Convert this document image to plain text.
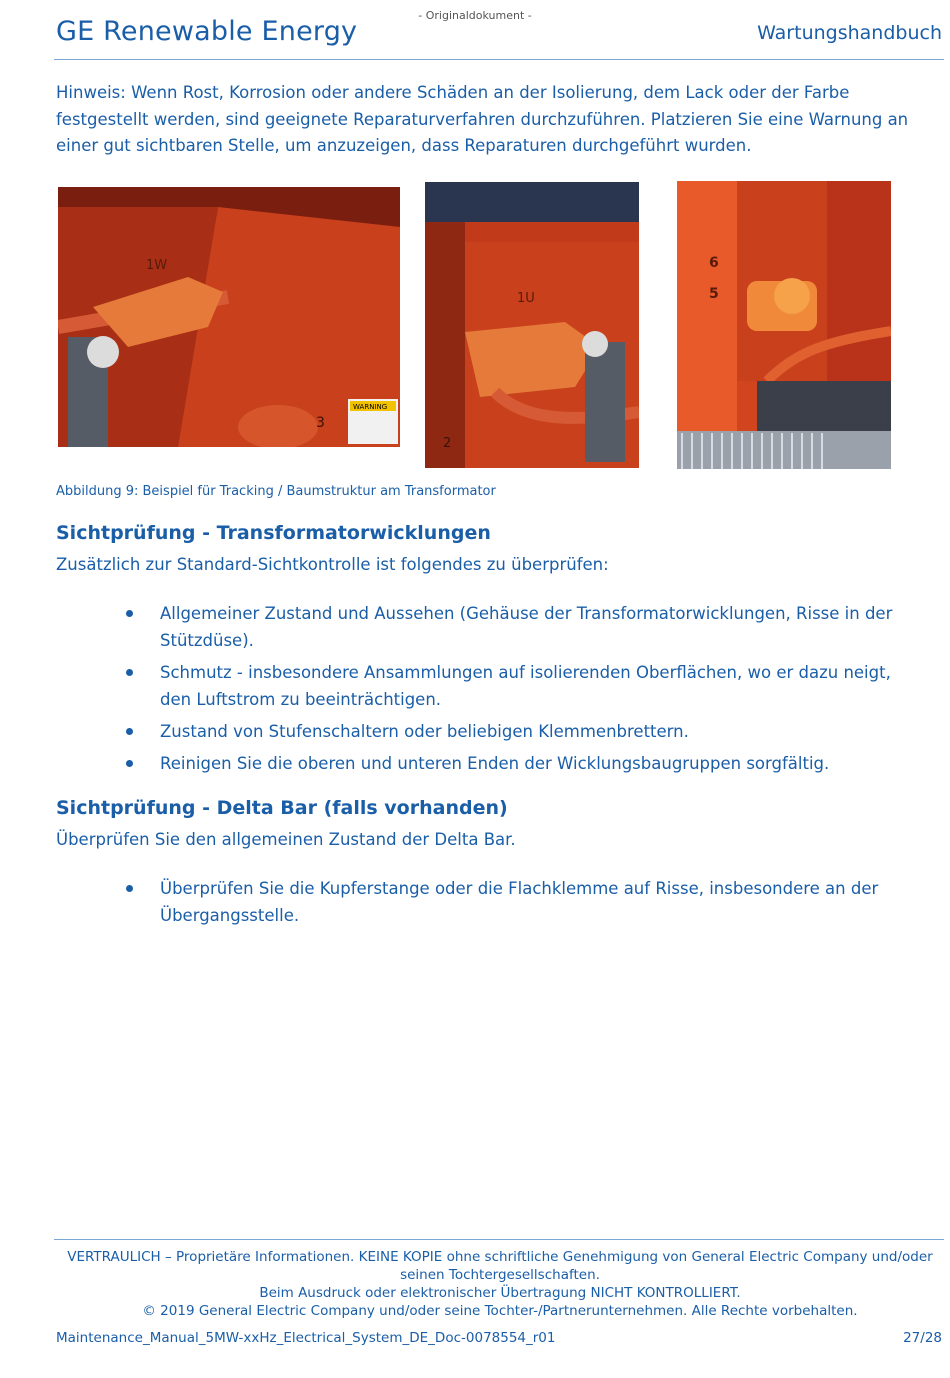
- Originaldokument -
GE Renewable Energy	Wartungshandbuch
Hinweis: Wenn Rost, Korrosion oder andere Schäden an der Isolierung, dem Lack oder der Farbe festgestellt werden, sind geeignete Reparaturverfahren durchzuführen. Platzieren Sie eine Warnung an einer gut sichtbaren Stelle, um anzuzeigen, dass Reparaturen durchgeführt wurden.
WARNING
1W
3
1U
2
6
5
Abbildung 9: Beispiel für Tracking / Baumstruktur am Transformator
Sichtprüfung - Transformatorwicklungen
Zusätzlich zur Standard-Sichtkontrolle ist folgendes zu überprüfen:
Allgemeiner Zustand und Aussehen (Gehäuse der Transformatorwicklungen, Risse in der Stützdüse).
Schmutz - insbesondere Ansammlungen auf isolierenden Oberflächen, wo er dazu neigt, den Luftstrom zu beeinträchtigen.
Zustand von Stufenschaltern oder beliebigen Klemmenbrettern.
Reinigen Sie die oberen und unteren Enden der Wicklungsbaugruppen sorgfältig.
Sichtprüfung - Delta Bar (falls vorhanden)
Überprüfen Sie den allgemeinen Zustand der Delta Bar.
Überprüfen Sie die Kupferstange oder die Flachklemme auf Risse, insbesondere an der Übergangsstelle.
VERTRAULICH – Proprietäre Informationen. KEINE KOPIE ohne schriftliche Genehmigung von General Electric Company und/oder seinen Tochtergesellschaften.
Beim Ausdruck oder elektronischer Übertragung NICHT KONTROLLIERT.
© 2019 General Electric Company und/oder seine Tochter-/Partnerunternehmen. Alle Rechte vorbehalten.
Maintenance_Manual_5MW-xxHz_Electrical_System_DE_Doc-0078554_r01	27/28
